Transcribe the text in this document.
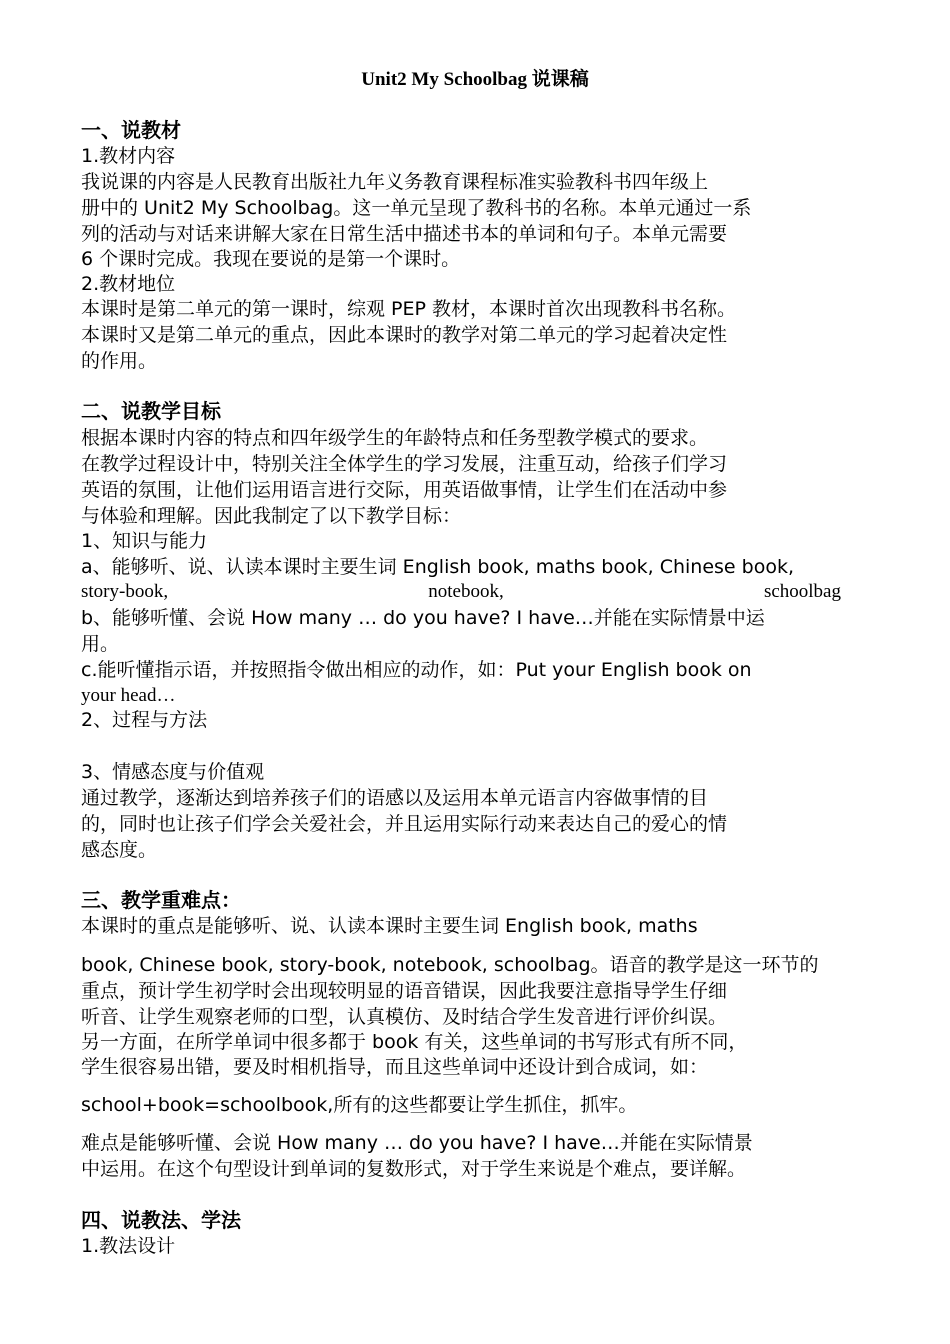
Unit2 My Schoolbag 说课稿
一、说教材
1.教材内容
我说课的内容是人民教育出版社九年义务教育课程标准实验教科书四年级上
册中的 Unit2 My Schoolbag。这一单元呈现了教科书的名称。本单元通过一系
列的活动与对话来讲解大家在日常生活中描述书本的单词和句子。本单元需要
6 个课时完成。我现在要说的是第一个课时。
2.教材地位
本课时是第二单元的第一课时，综观 PEP 教材，本课时首次出现教科书名称。
本课时又是第二单元的重点，因此本课时的教学对第二单元的学习起着决定性
的作用。
二、说教学目标
根据本课时内容的特点和四年级学生的年龄特点和任务型教学模式的要求。
在教学过程设计中，特别关注全体学生的学习发展，注重互动，给孩子们学习
英语的氛围，让他们运用语言进行交际，用英语做事情，让学生们在活动中参
与体验和理解。因此我制定了以下教学目标：
1、知识与能力
a、能够听、说、认读本课时主要生词 English book, maths book, Chinese book,
story-book,	notebook,	schoolbag
b、能够听懂、会说 How many … do you have? I have…并能在实际情景中运
用。
c.能听懂指示语，并按照指令做出相应的动作，如：Put your English book on
your head…
2、过程与方法
3、情感态度与价值观
通过教学，逐渐达到培养孩子们的语感以及运用本单元语言内容做事情的目
的，同时也让孩子们学会关爱社会，并且运用实际行动来表达自己的爱心的情
感态度。
三、教学重难点：
本课时的重点是能够听、说、认读本课时主要生词 English book, maths
book, Chinese book, story-book, notebook, schoolbag。语音的教学是这一环节的
重点，预计学生初学时会出现较明显的语音错误，因此我要注意指导学生仔细
听音、让学生观察老师的口型，认真模仿、及时结合学生发音进行评价纠误。
另一方面，在所学单词中很多都于 book 有关，这些单词的书写形式有所不同，
学生很容易出错，要及时相机指导，而且这些单词中还设计到合成词，如：
school+book=schoolbook,所有的这些都要让学生抓住，抓牢。
难点是能够听懂、会说 How many … do you have? I have…并能在实际情景
中运用。在这个句型设计到单词的复数形式，对于学生来说是个难点，要详解。
四、说教法、学法
1.教法设计
